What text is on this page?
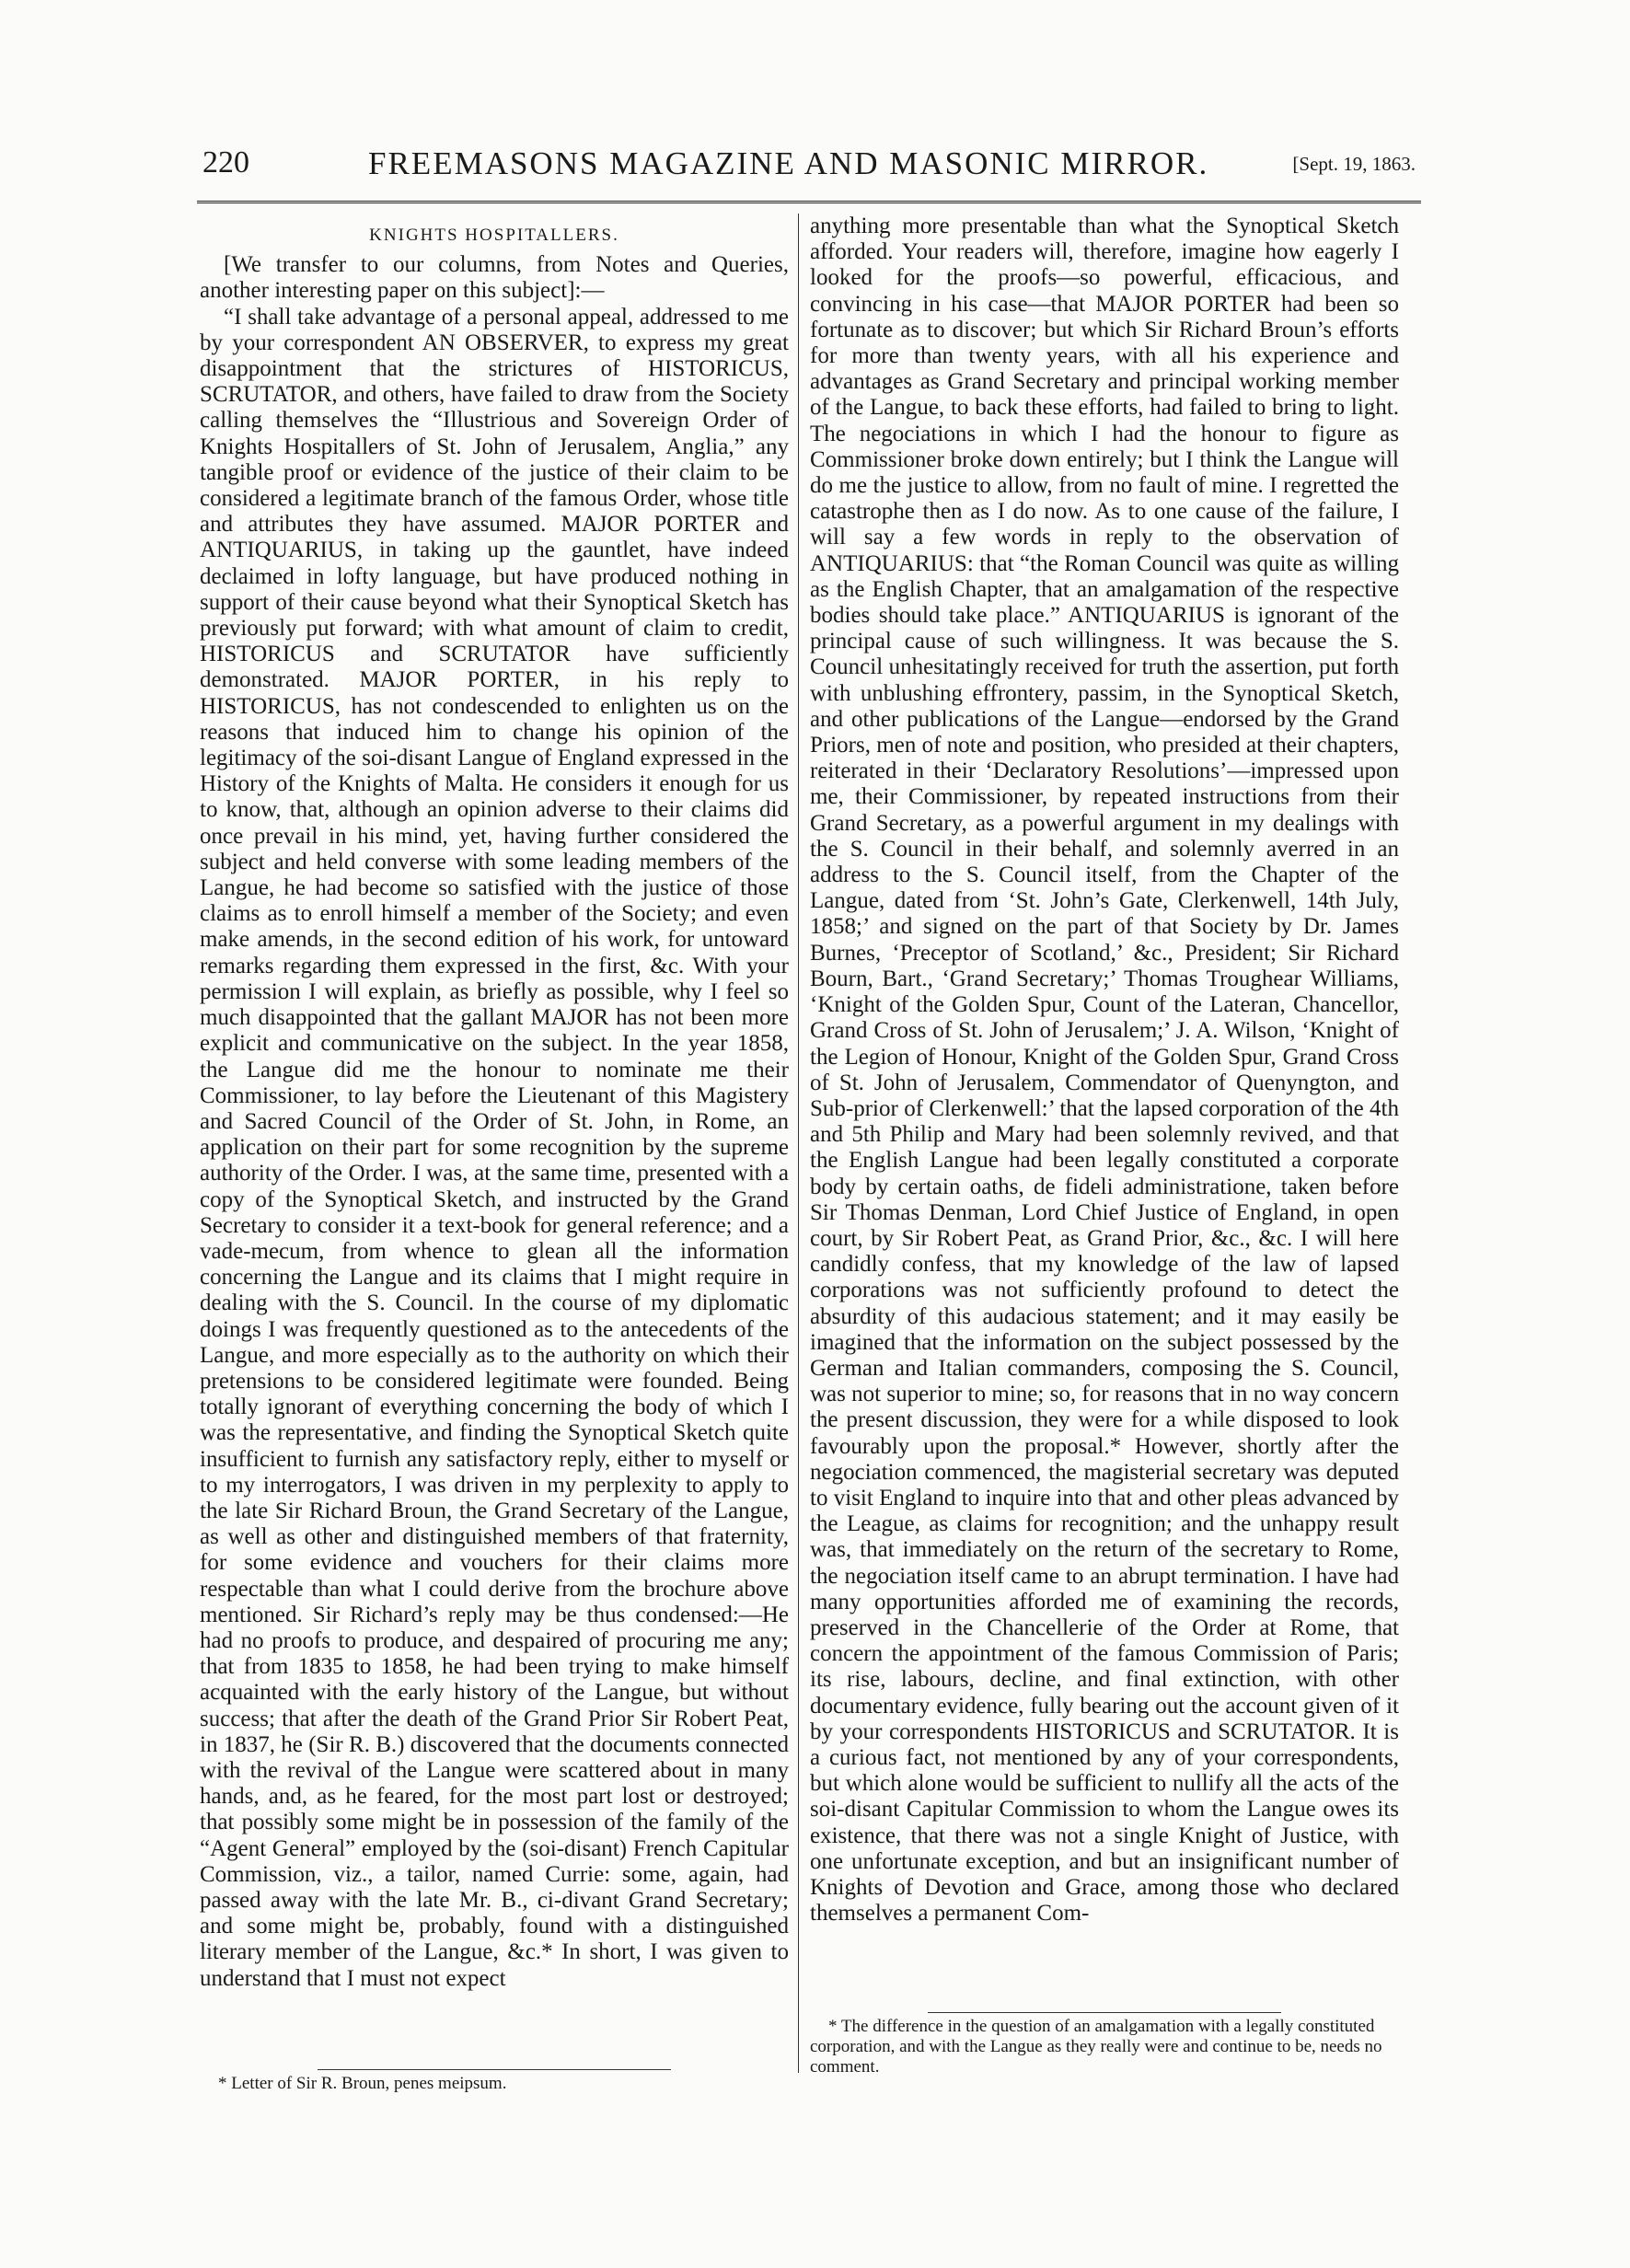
220	FREEMASONS MAGAZINE AND MASONIC MIRROR.	[Sept. 19, 1863.
KNIGHTS HOSPITALLERS.

[We transfer to our columns, from Notes and Queries, another interesting paper on this subject]:—

“I shall take advantage of a personal appeal, addressed to me by your correspondent AN OBSERVER, to express my great disappointment that the strictures of HISTORICUS, SCRUTATOR, and others, have failed to draw from the Society calling themselves the “Illustrious and Sovereign Order of Knights Hospitallers of St. John of Jerusalem, Anglia,” any tangible proof or evidence of the justice of their claim to be considered a legitimate branch of the famous Order, whose title and attributes they have assumed. MAJOR PORTER and ANTIQUARIUS, in taking up the gauntlet, have indeed declaimed in lofty language, but have produced nothing in support of their cause beyond what their Synoptical Sketch has previously put forward; with what amount of claim to credit, HISTORICUS and SCRUTATOR have sufficiently demonstrated. MAJOR PORTER, in his reply to HISTORICUS, has not condescended to enlighten us on the reasons that induced him to change his opinion of the legitimacy of the soi-disant Langue of England expressed in the History of the Knights of Malta. He considers it enough for us to know, that, although an opinion adverse to their claims did once prevail in his mind, yet, having further considered the subject and held converse with some leading members of the Langue, he had become so satisfied with the justice of those claims as to enroll himself a member of the Society; and even make amends, in the second edition of his work, for untoward remarks regarding them expressed in the first, &c. With your permission I will explain, as briefly as possible, why I feel so much disappointed that the gallant MAJOR has not been more explicit and communicative on the subject. In the year 1858, the Langue did me the honour to nominate me their Commissioner, to lay before the Lieutenant of this Magistery and Sacred Council of the Order of St. John, in Rome, an application on their part for some recognition by the supreme authority of the Order. I was, at the same time, presented with a copy of the Synoptical Sketch, and instructed by the Grand Secretary to consider it a text-book for general reference; and a vade-mecum, from whence to glean all the information concerning the Langue and its claims that I might require in dealing with the S. Council. In the course of my diplomatic doings I was frequently questioned as to the antecedents of the Langue, and more especially as to the authority on which their pretensions to be considered legitimate were founded. Being totally ignorant of everything concerning the body of which I was the representative, and finding the Synoptical Sketch quite insufficient to furnish any satisfactory reply, either to myself or to my interrogators, I was driven in my perplexity to apply to the late Sir Richard Broun, the Grand Secretary of the Langue, as well as other and distinguished members of that fraternity, for some evidence and vouchers for their claims more respectable than what I could derive from the brochure above mentioned. Sir Richard’s reply may be thus condensed:—He had no proofs to produce, and despaired of procuring me any; that from 1835 to 1858, he had been trying to make himself acquainted with the early history of the Langue, but without success; that after the death of the Grand Prior Sir Robert Peat, in 1837, he (Sir R. B.) discovered that the documents connected with the revival of the Langue were scattered about in many hands, and, as he feared, for the most part lost or destroyed; that possibly some might be in possession of the family of the “Agent General” employed by the (soi-disant) French Capitular Commission, viz., a tailor, named Currie: some, again, had passed away with the late Mr. B., ci-divant Grand Secretary; and some might be, probably, found with a distinguished literary member of the Langue, &c.* In short, I was given to understand that I must not expect

anything more presentable than what the Synoptical Sketch afforded. Your readers will, therefore, imagine how eagerly I looked for the proofs—so powerful, efficacious, and convincing in his case—that MAJOR PORTER had been so fortunate as to discover; but which Sir Richard Broun’s efforts for more than twenty years, with all his experience and advantages as Grand Secretary and principal working member of the Langue, to back these efforts, had failed to bring to light. The negociations in which I had the honour to figure as Commissioner broke down entirely; but I think the Langue will do me the justice to allow, from no fault of mine. I regretted the catastrophe then as I do now. As to one cause of the failure, I will say a few words in reply to the observation of ANTIQUARIUS: that “the Roman Council was quite as willing as the English Chapter, that an amalgamation of the respective bodies should take place.” ANTIQUARIUS is ignorant of the principal cause of such willingness. It was because the S. Council unhesitatingly received for truth the assertion, put forth with unblushing effrontery, passim, in the Synoptical Sketch, and other publications of the Langue—endorsed by the Grand Priors, men of note and position, who presided at their chapters, reiterated in their ‘Declaratory Resolutions’—impressed upon me, their Commissioner, by repeated instructions from their Grand Secretary, as a powerful argument in my dealings with the S. Council in their behalf, and solemnly averred in an address to the S. Council itself, from the Chapter of the Langue, dated from ‘St. John’s Gate, Clerkenwell, 14th July, 1858;’ and signed on the part of that Society by Dr. James Burnes, ‘Preceptor of Scotland,’ &c., President; Sir Richard Bourn, Bart., ‘Grand Secretary;’ Thomas Troughear Williams, ‘Knight of the Golden Spur, Count of the Lateran, Chancellor, Grand Cross of St. John of Jerusalem;’ J. A. Wilson, ‘Knight of the Legion of Honour, Knight of the Golden Spur, Grand Cross of St. John of Jerusalem, Commendator of Quenyngton, and Sub-prior of Clerkenwell:’ that the lapsed corporation of the 4th and 5th Philip and Mary had been solemnly revived, and that the English Langue had been legally constituted a corporate body by certain oaths, de fideli administratione, taken before Sir Thomas Denman, Lord Chief Justice of England, in open court, by Sir Robert Peat, as Grand Prior, &c., &c. I will here candidly confess, that my knowledge of the law of lapsed corporations was not sufficiently profound to detect the absurdity of this audacious statement; and it may easily be imagined that the information on the subject possessed by the German and Italian commanders, composing the S. Council, was not superior to mine; so, for reasons that in no way concern the present discussion, they were for a while disposed to look favourably upon the proposal.* However, shortly after the negociation commenced, the magisterial secretary was deputed to visit England to inquire into that and other pleas advanced by the League, as claims for recognition; and the unhappy result was, that immediately on the return of the secretary to Rome, the negociation itself came to an abrupt termination. I have had many opportunities afforded me of examining the records, preserved in the Chancellerie of the Order at Rome, that concern the appointment of the famous Commission of Paris; its rise, labours, decline, and final extinction, with other documentary evidence, fully bearing out the account given of it by your correspondents HISTORICUS and SCRUTATOR. It is a curious fact, not mentioned by any of your correspondents, but which alone would be sufficient to nullify all the acts of the soi-disant Capitular Commission to whom the Langue owes its existence, that there was not a single Knight of Justice, with one unfortunate exception, and but an insignificant number of Knights of Devotion and Grace, among those who declared themselves a permanent Com-

* Letter of Sir R. Broun, penes meipsum.

* The difference in the question of an amalgamation with a legally constituted corporation, and with the Langue as they really were and continue to be, needs no comment.
